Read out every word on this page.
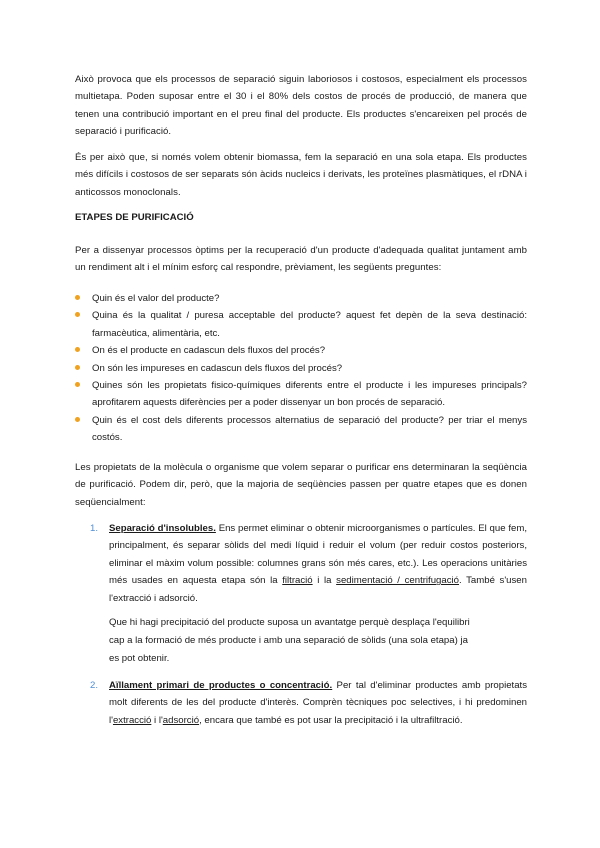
Això provoca que els processos de separació siguin laboriosos i costosos, especialment els processos multietapa. Poden suposar entre el 30 i el 80% dels costos de procés de producció, de manera que tenen una contribució important en el preu final del producte. Els productes s'encareixen pel procés de separació i purificació.

És per això que, si només volem obtenir biomassa, fem la separació en una sola etapa. Els productes més difícils i costosos de ser separats són àcids nucleics i derivats, les proteïnes plasmàtiques, el rDNA i anticossos monoclonals.

ETAPES DE PURIFICACIÓ

Per a dissenyar processos òptims per la recuperació d'un producte d'adequada qualitat juntament amb un rendiment alt i el mínim esforç cal respondre, prèviament, les següents preguntes:

Quin és el valor del producte?
Quina és la qualitat / puresa acceptable del producte? aquest fet depèn de la seva destinació: farmacèutica, alimentària, etc.
On és el producte en cadascun dels fluxos del procés?
On són les impureses en cadascun dels fluxos del procés?
Quines són les propietats fisico-químiques diferents entre el producte i les impureses principals? aprofitarem aquests diferències per a poder dissenyar un bon procés de separació.
Quin és el cost dels diferents processos alternatius de separació del producte? per triar el menys costós.

Les propietats de la molècula o organisme que volem separar o purificar ens determinaran la seqüència de purificació. Podem dir, però, que la majoria de seqüències passen per quatre etapes que es donen seqüencialment:

1. Separació d'insolubles. Ens permet eliminar o obtenir microorganismes o partícules. El que fem, principalment, és separar sòlids del medi líquid i reduir el volum (per reduir costos posteriors, eliminar el màxim volum possible: columnes grans són més cares, etc.). Les operacions unitàries més usades en aquesta etapa són la filtració i la sedimentació / centrifugació. També s'usen l'extracció i adsorció.

Que hi hagi precipitació del producte suposa un avantatge perquè desplaça l'equilibri
cap a la formació de més producte i amb una separació de sòlids (una sola etapa) ja
es pot obtenir.
2. Aïllament primari de productes o concentració. Per tal d'eliminar productes amb propietats molt diferents de les del producte d'interès. Comprèn tècniques poc selectives, i hi predominen l'extracció i l'adsorció, encara que també es pot usar la precipitació i la ultrafiltració.
